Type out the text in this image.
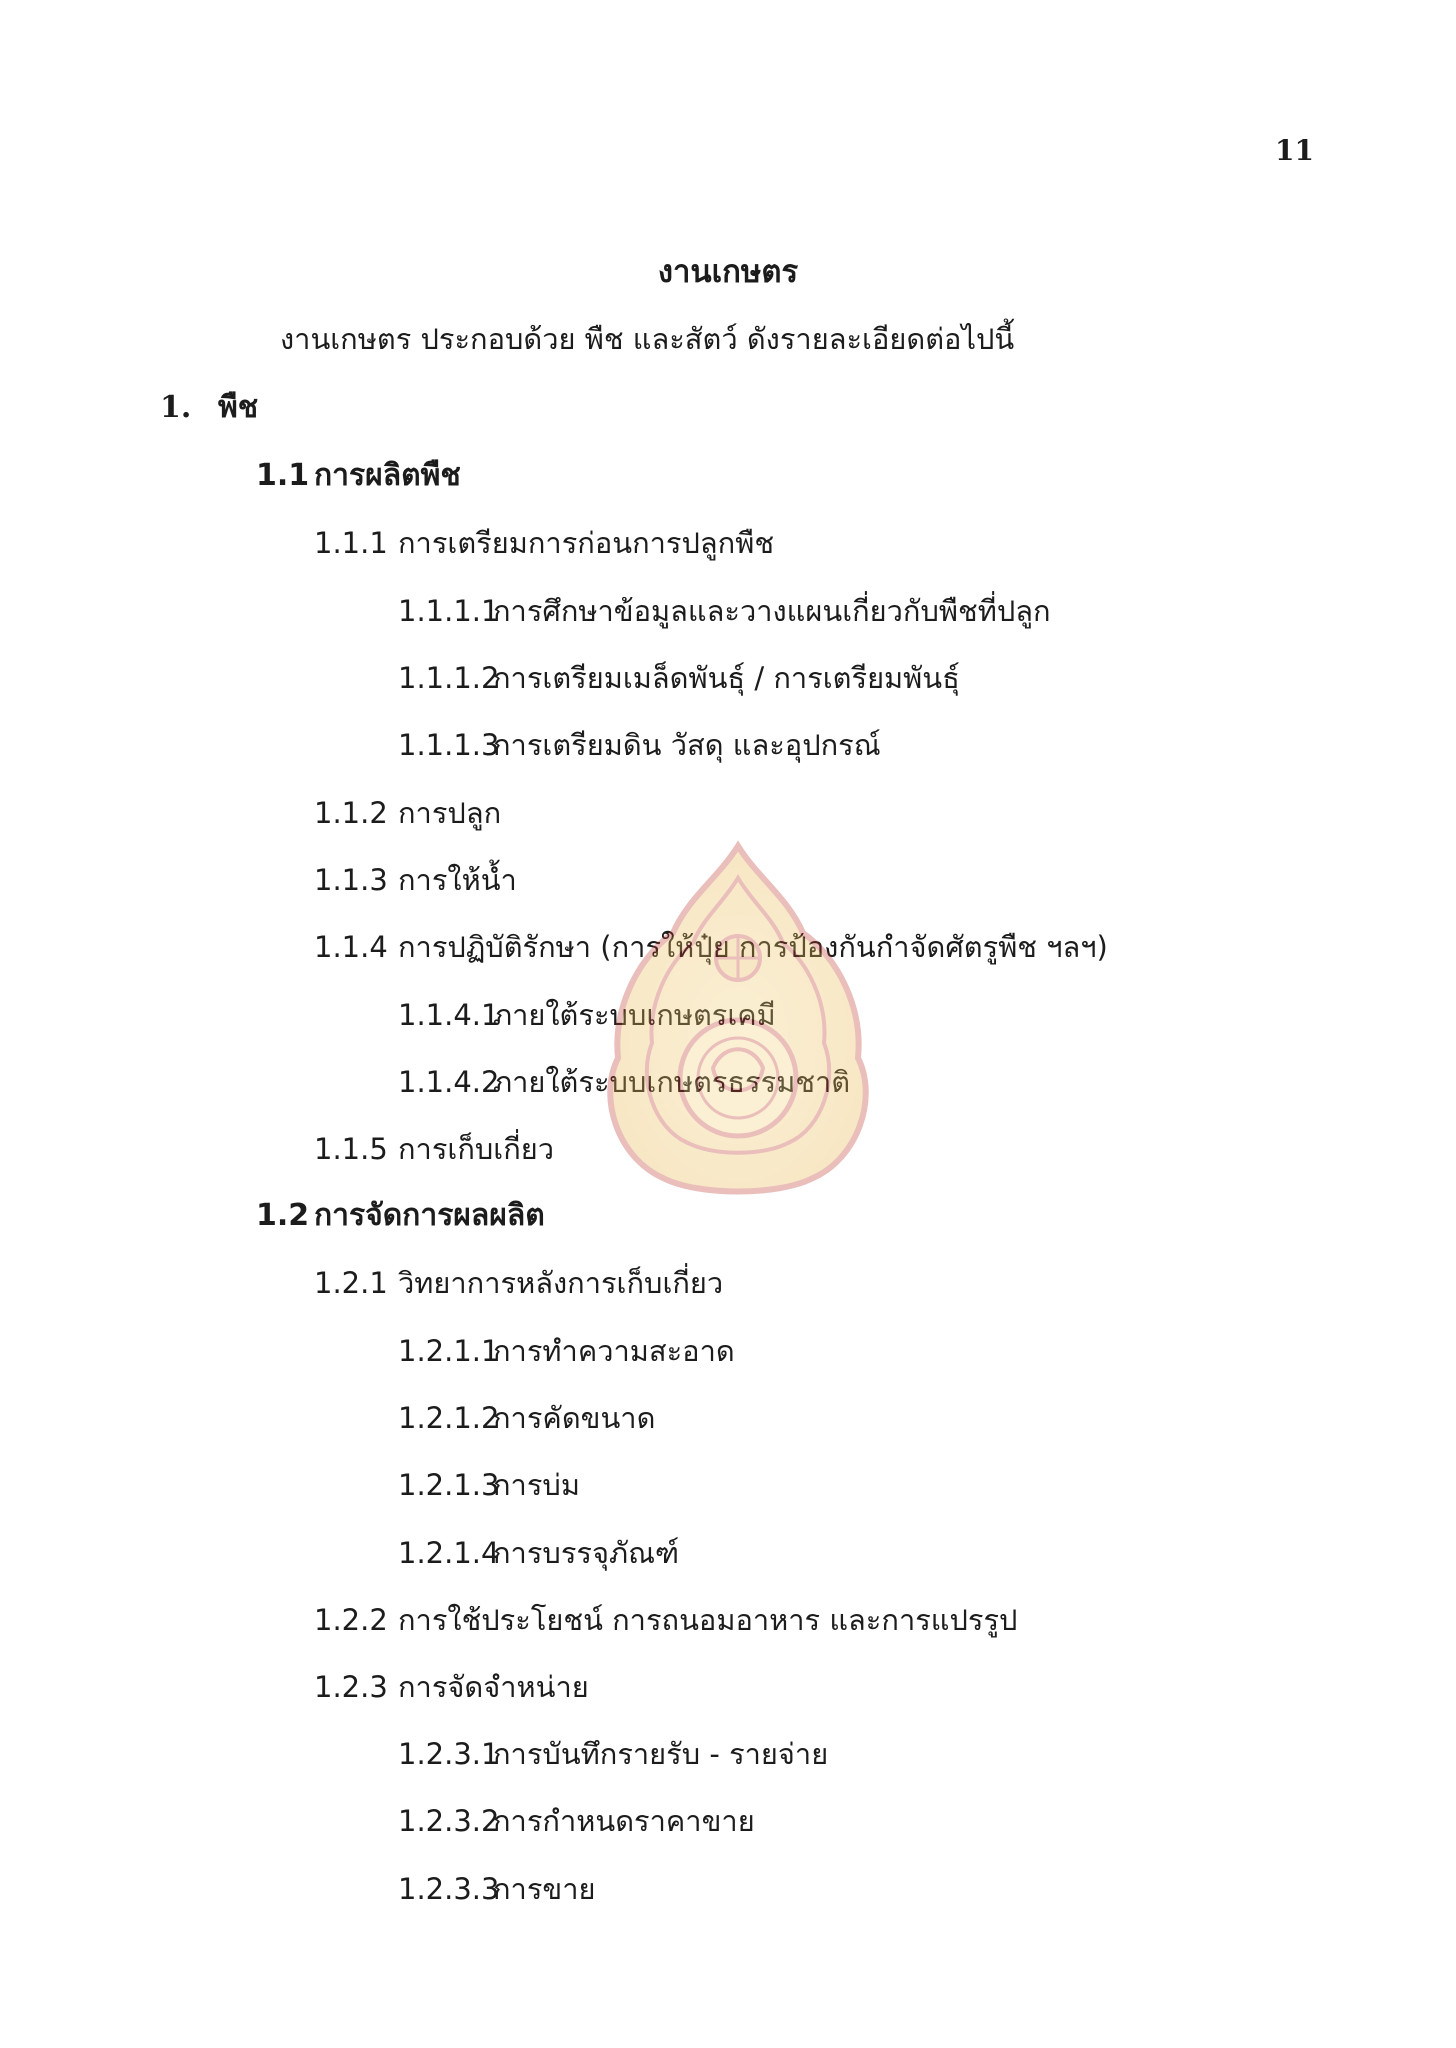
11
งานเกษตร
งานเกษตร ประกอบด้วย พืช และสัตว์ ดังรายละเอียดต่อไปนี้
1. พืช
1.1 การผลิตพืช
1.1.1 การเตรียมการก่อนการปลูกพืช
1.1.1.1การศึกษาข้อมูลและวางแผนเกี่ยวกับพืชที่ปลูก
1.1.1.2การเตรียมเมล็ดพันธุ์ / การเตรียมพันธุ์
1.1.1.3การเตรียมดิน วัสดุ และอุปกรณ์
1.1.2 การปลูก
1.1.3 การให้น้ำ
1.1.4 การปฏิบัติรักษา (การให้ปุ๋ย การป้องกันกำจัดศัตรูพืช ฯลฯ)
1.1.4.1ภายใต้ระบบเกษตรเคมี
1.1.4.2ภายใต้ระบบเกษตรธรรมชาติ
1.1.5 การเก็บเกี่ยว
1.2 การจัดการผลผลิต
1.2.1 วิทยาการหลังการเก็บเกี่ยว
1.2.1.1การทำความสะอาด
1.2.1.2การคัดขนาด
1.2.1.3การบ่ม
1.2.1.4การบรรจุภัณฑ์
1.2.2 การใช้ประโยชน์ การถนอมอาหาร และการแปรรูป
1.2.3 การจัดจำหน่าย
1.2.3.1การบันทึกรายรับ - รายจ่าย
1.2.3.2การกำหนดราคาขาย
1.2.3.3การขาย
